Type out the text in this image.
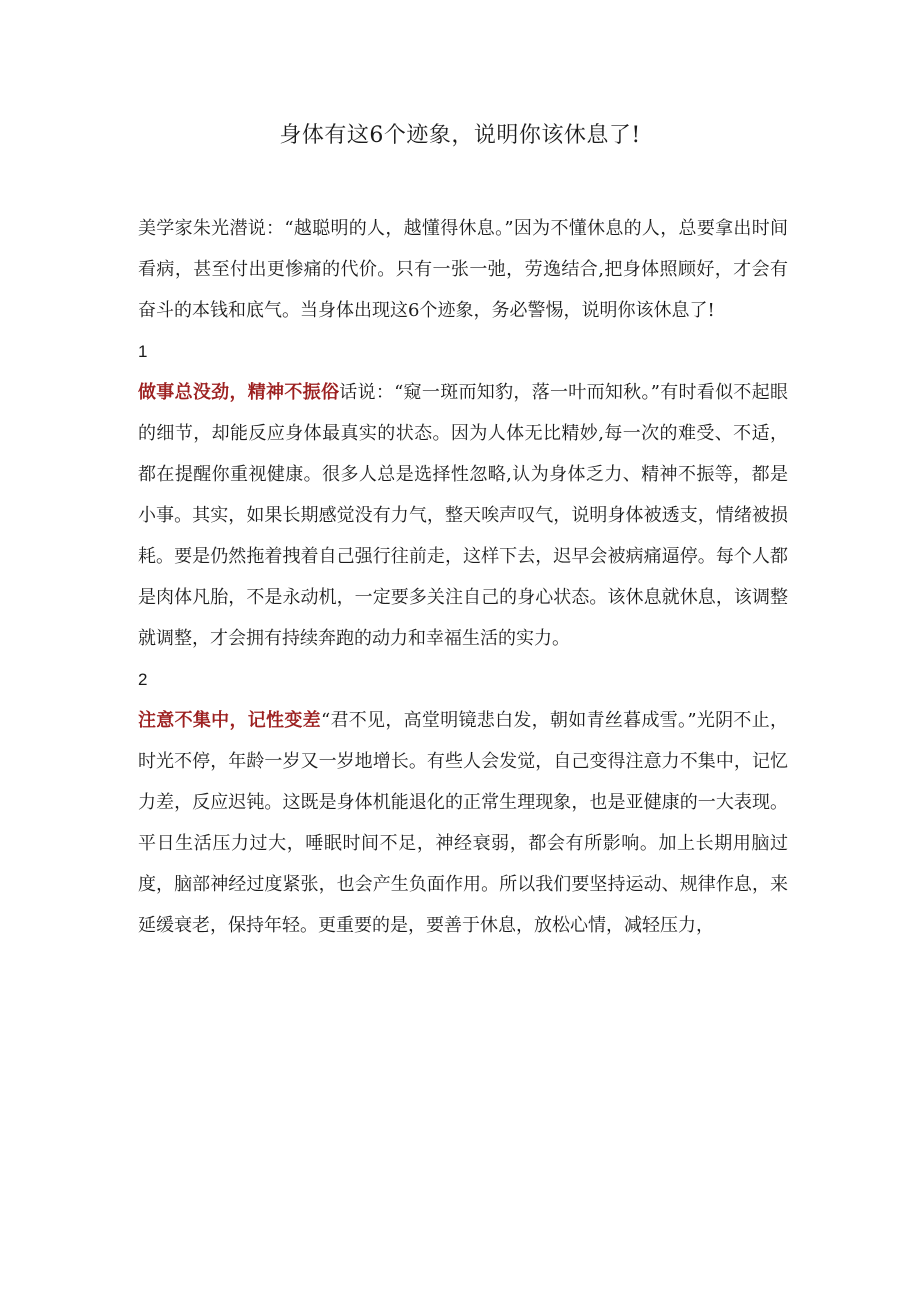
身体有这6个迹象，说明你该休息了!

美学家朱光潜说：“越聪明的人，越懂得休息。”因为不懂休息的人，总要拿出时间看病，甚至付出更惨痛的代价。只有一张一弛，劳逸结合,把身体照顾好，才会有奋斗的本钱和底气。当身体出现这6个迹象，务必警惕，说明你该休息了!

1

做事总没劲，精神不振俗话说：“窥一斑而知豹，落一叶而知秋。”有时看似不起眼的细节，却能反应身体最真实的状态。因为人体无比精妙,每一次的难受、不适，都在提醒你重视健康。很多人总是选择性忽略,认为身体乏力、精神不振等，都是小事。其实，如果长期感觉没有力气，整天唉声叹气，说明身体被透支，情绪被损耗。要是仍然拖着拽着自己强行往前走，这样下去，迟早会被病痛逼停。每个人都是肉体凡胎，不是永动机，一定要多关注自己的身心状态。该休息就休息，该调整就调整，才会拥有持续奔跑的动力和幸福生活的实力。

2

注意不集中，记性变差“君不见，高堂明镜悲白发，朝如青丝暮成雪。”光阴不止，时光不停，年龄一岁又一岁地增长。有些人会发觉，自己变得注意力不集中，记忆力差，反应迟钝。这既是身体机能退化的正常生理现象，也是亚健康的一大表现。平日生活压力过大，唾眠时间不足，神经衰弱，都会有所影响。加上长期用脑过度，脑部神经过度紧张，也会产生负面作用。所以我们要坚持运动、规律作息，来延缓衰老，保持年轻。更重要的是，要善于休息，放松心情，减轻压力，
